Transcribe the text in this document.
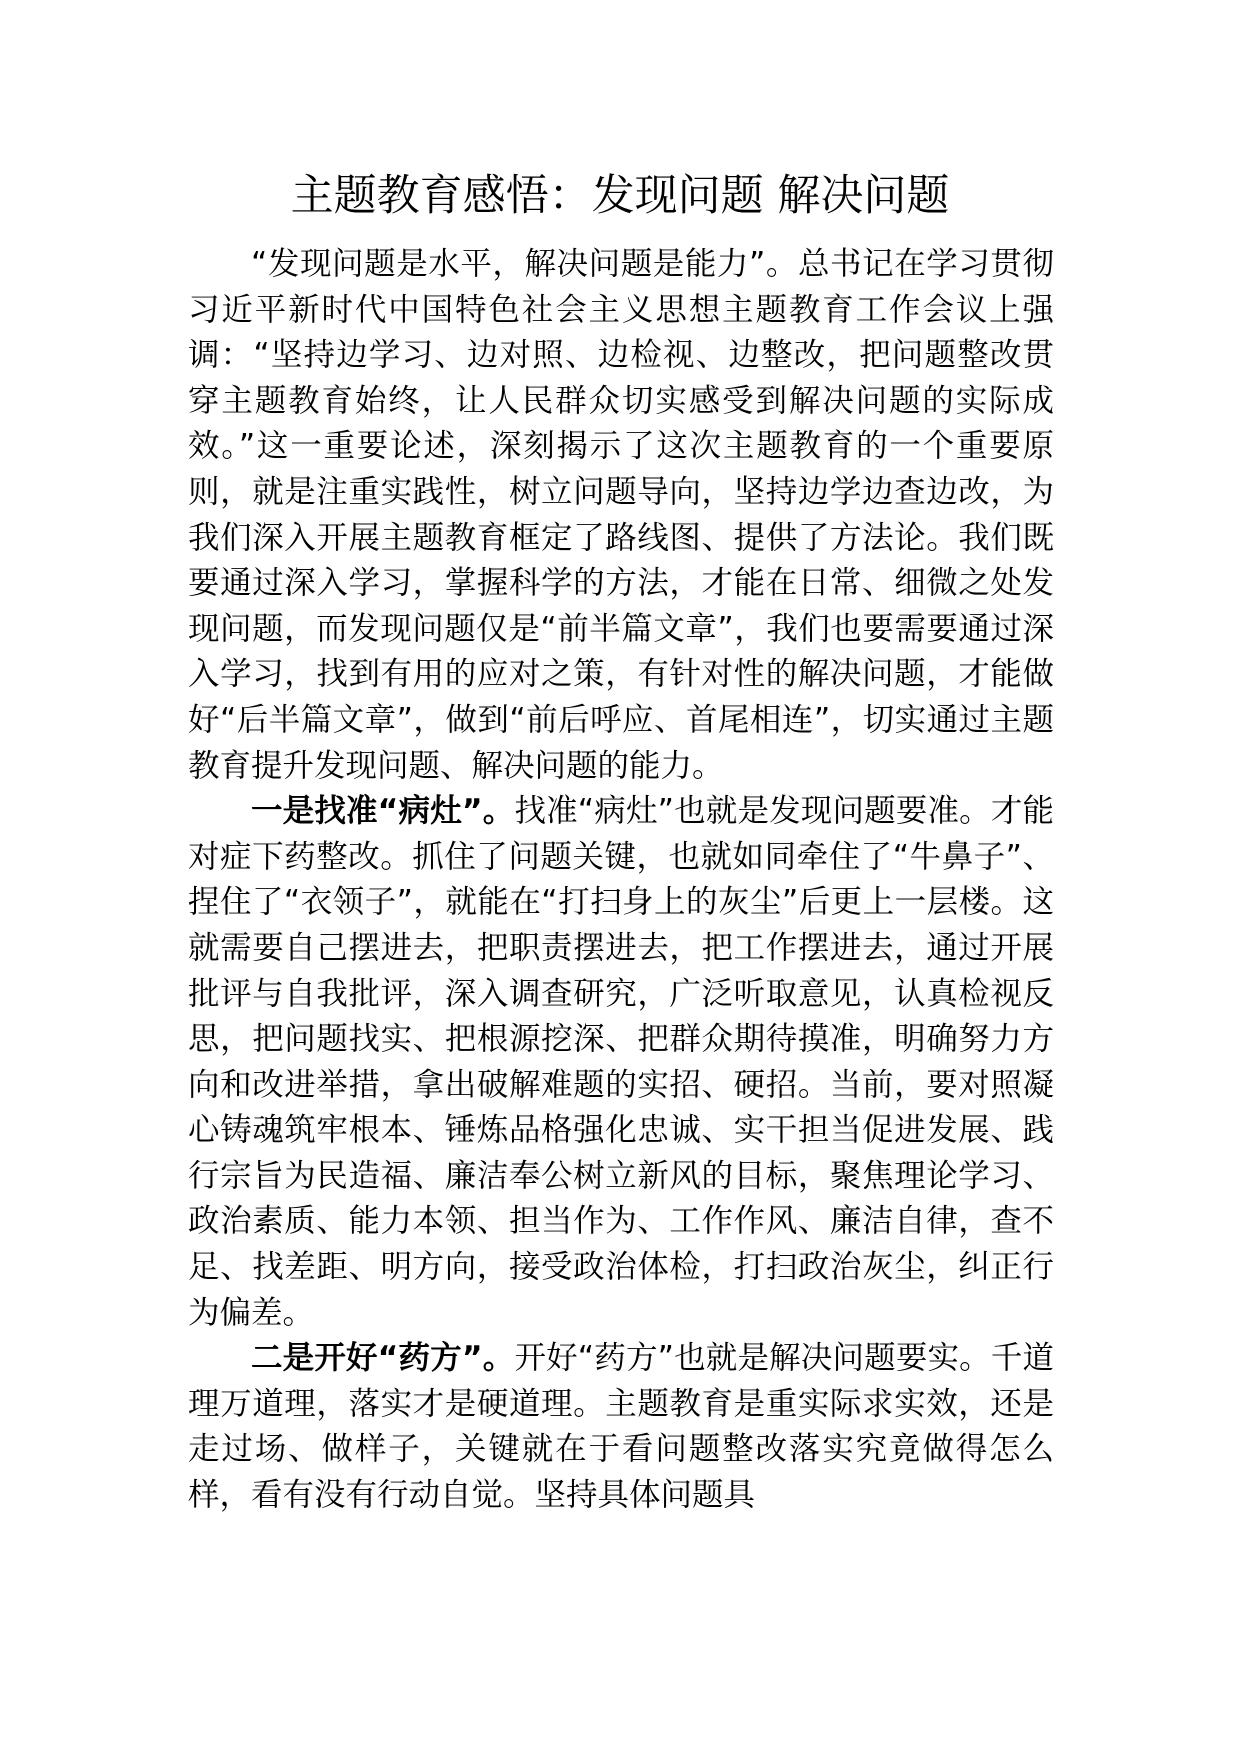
主题教育感悟：发现问题 解决问题

“发现问题是水平，解决问题是能力”。总书记在学习贯彻习近平新时代中国特色社会主义思想主题教育工作会议上强调：“坚持边学习、边对照、边检视、边整改，把问题整改贯穿主题教育始终，让人民群众切实感受到解决问题的实际成效。”这一重要论述，深刻揭示了这次主题教育的一个重要原则，就是注重实践性，树立问题导向，坚持边学边查边改，为我们深入开展主题教育框定了路线图、提供了方法论。我们既要通过深入学习，掌握科学的方法，才能在日常、细微之处发现问题，而发现问题仅是“前半篇文章”，我们也要需要通过深入学习，找到有用的应对之策，有针对性的解决问题，才能做好“后半篇文章”，做到“前后呼应、首尾相连”，切实通过主题教育提升发现问题、解决问题的能力。

一是找准“病灶”。找准“病灶”也就是发现问题要准。才能对症下药整改。抓住了问题关键，也就如同牵住了“牛鼻子”、捏住了“衣领子”，就能在“打扫身上的灰尘”后更上一层楼。这就需要自己摆进去，把职责摆进去，把工作摆进去，通过开展批评与自我批评，深入调查研究，广泛听取意见，认真检视反思，把问题找实、把根源挖深、把群众期待摸准，明确努力方向和改进举措，拿出破解难题的实招、硬招。当前，要对照凝心铸魂筑牢根本、锤炼品格强化忠诚、实干担当促进发展、践行宗旨为民造福、廉洁奉公树立新风的目标，聚焦理论学习、政治素质、能力本领、担当作为、工作作风、廉洁自律，查不足、找差距、明方向，接受政治体检，打扫政治灰尘，纠正行为偏差。

二是开好“药方”。开好“药方”也就是解决问题要实。千道理万道理，落实才是硬道理。主题教育是重实际求实效，还是走过场、做样子，关键就在于看问题整改落实究竟做得怎么样，看有没有行动自觉。坚持具体问题具
